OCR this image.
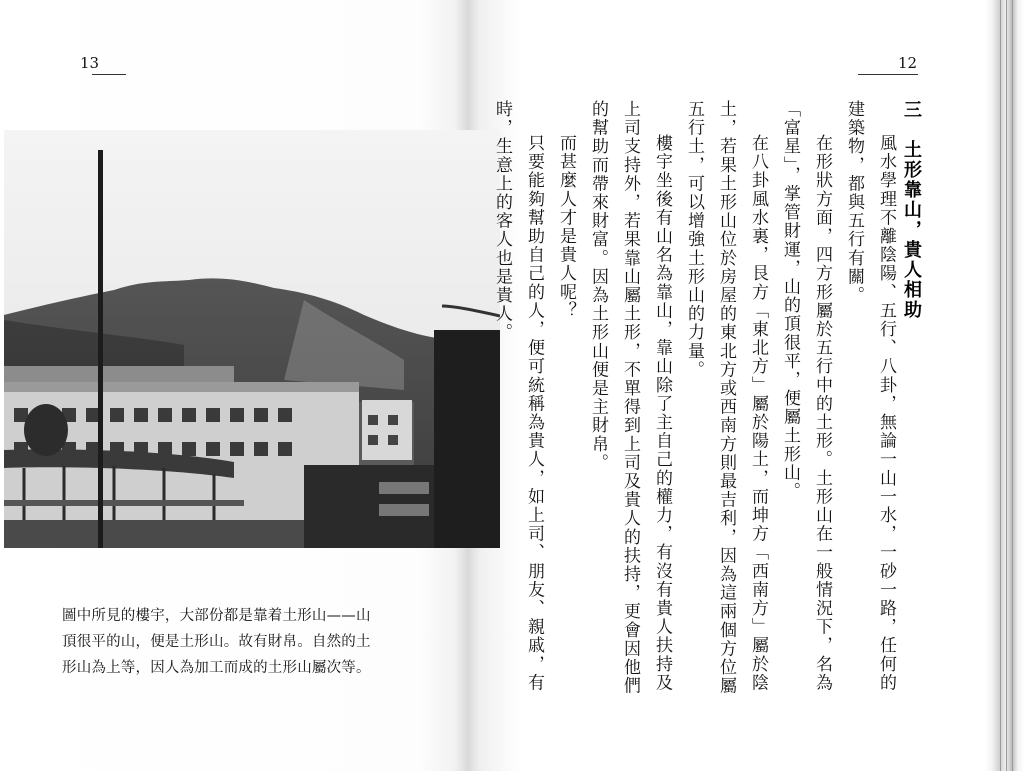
13
圖中所見的樓宇，大部份都是靠着土形山——山
頂很平的山，便是土形山。故有財帛。自然的土
形山為上等，因人為加工而成的土形山屬次等。
12
三　土形靠山，貴人相助
風水學理不離陰陽、五行、八卦，無論一山一水，一砂一路，任何的
建築物，都與五行有關。
在形狀方面，四方形屬於五行中的土形。土形山在一般情況下，名為
「富星」，掌管財運，山的頂很平，便屬土形山。
在八卦風水裏，艮方「東北方」屬於陽土，而坤方「西南方」屬於陰
土，若果土形山位於房屋的東北方或西南方則最吉利，因為這兩個方位屬
五行土，可以增強土形山的力量。
樓宇坐後有山名為靠山，靠山除了主自己的權力，有沒有貴人扶持及
上司支持外，若果靠山屬土形，不單得到上司及貴人的扶持，更會因他們
的幫助而帶來財富。因為土形山便是主財帛。
而甚麼人才是貴人呢？
只要能夠幫助自己的人，便可統稱為貴人，如上司、朋友、親戚，有
時，生意上的客人也是貴人。
